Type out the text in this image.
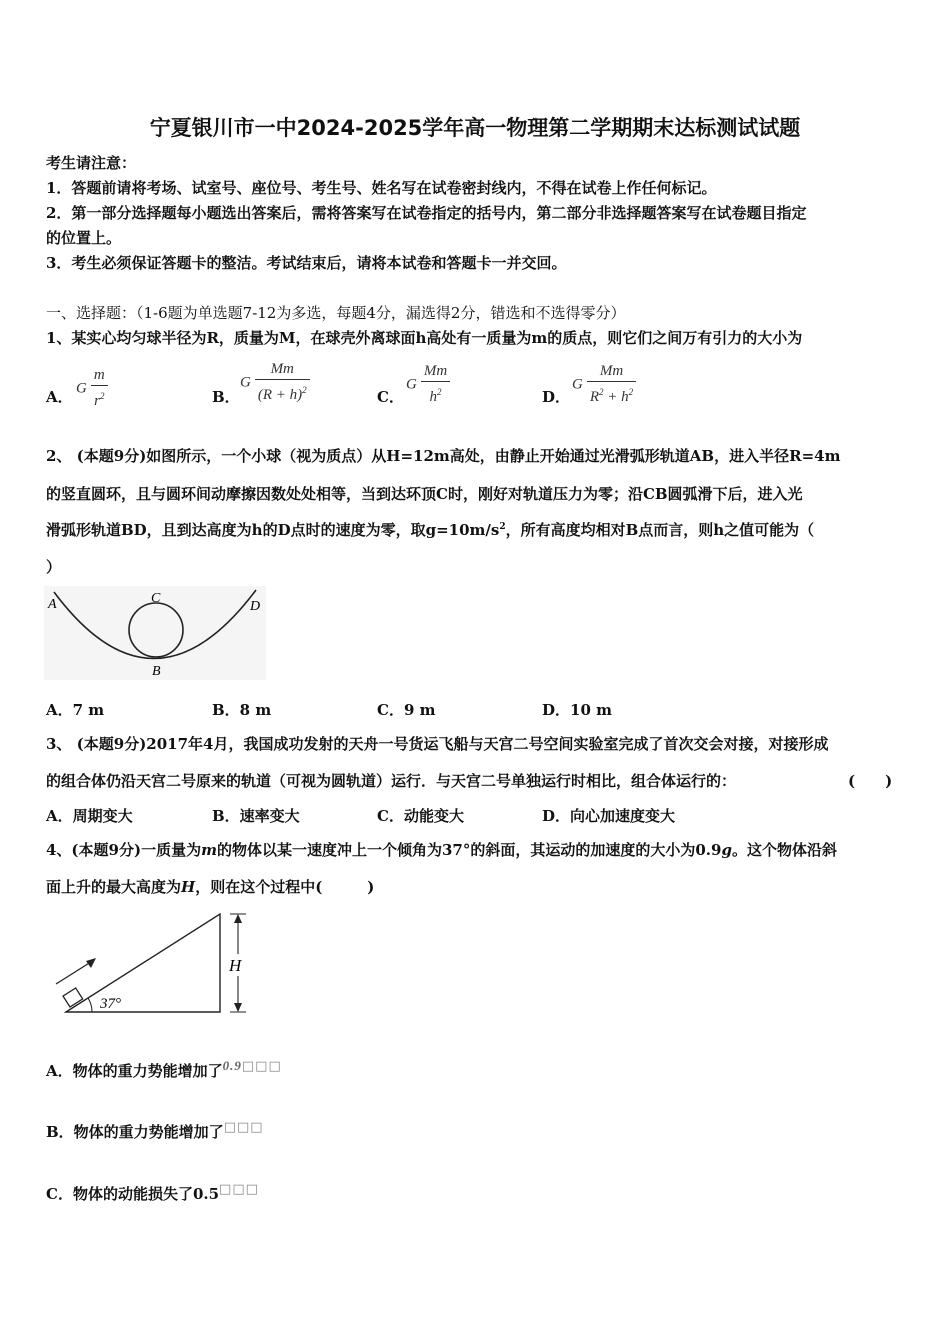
宁夏银川市一中2024-2025学年高一物理第二学期期末达标测试试题
考生请注意：
1．答题前请将考场、试室号、座位号、考生号、姓名写在试卷密封线内，不得在试卷上作任何标记。
2．第一部分选择题每小题选出答案后，需将答案写在试卷指定的括号内，第二部分非选择题答案写在试卷题目指定
的位置上。
3．考生必须保证答题卡的整洁。考试结束后，请将本试卷和答题卡一并交回。
一、选择题：（1-6题为单选题7-12为多选，每题4分，漏选得2分，错选和不选得零分）
1、某实心均匀球半径为R，质量为M，在球壳外离球面h高处有一质量为m的质点，则它们之间万有引力的大小为
A． G $\frac{m}{r^2}$	B．
G $\frac{Mm}{(R + h)^2}$	C．
G $\frac{Mm}{h^2}$	D．
G $\frac{Mm}{R^2 + h^2}$
2、 (本题9分)如图所示，一个小球（视为质点）从H=12m高处，由静止开始通过光滑弧形轨道AB，进入半径R=4m
的竖直圆环，且与圆环间动摩擦因数处处相等，当到达环顶C时，刚好对轨道压力为零；沿CB圆弧滑下后，进入光
滑弧形轨道BD，且到达高度为h的D点时的速度为零，取$g=10m/s^2$，所有高度均相对B点而言，则h之值可能为（
）
A	C
D
B
A．7 m	B．8 m	C．9 m	D．10 m
3、 (本题9分)2017年4月，我国成功发射的天舟一号货运飞船与天宫二号空间实验室完成了首次交会对接，对接形成
的组合体仍沿天宫二号原来的轨道（可视为圆轨道）运行．与天宫二号单独运行时相比，组合体运行的：	(　　)
A．周期变大	B．速率变大	C．动能变大	D．向心加速度变大
4、(本题9分)一质量为m的物体以某一速度冲上一个倾角为37°的斜面，其运动的加速度的大小为0.9g。这个物体沿斜
面上升的最大高度为H，则在这个过程中(　　　)
37°
H
A．物体的重力势能增加了0.9□□□
B．物体的重力势能增加了□□□
C．物体的动能损失了0.5□□□
